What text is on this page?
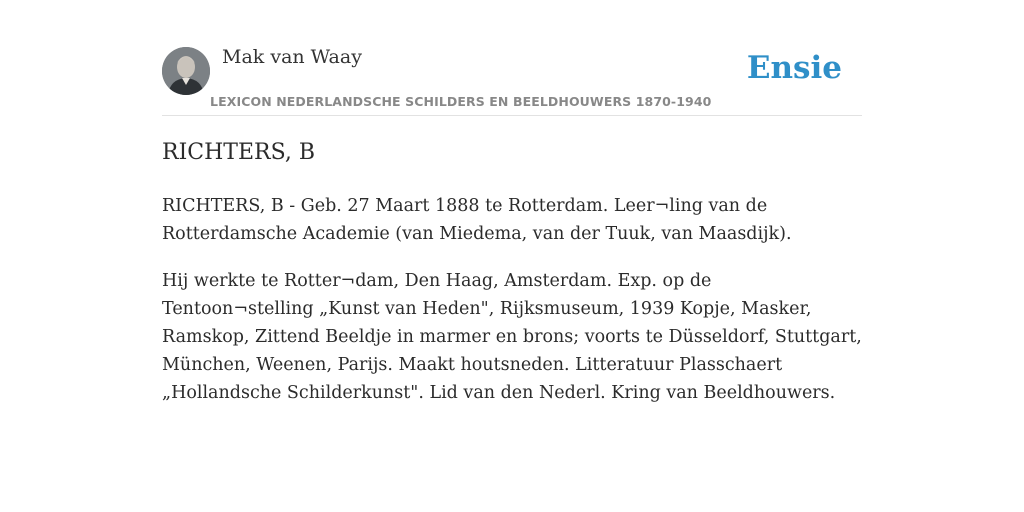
Mak van Waay
LEXICON NEDERLANDSCHE SCHILDERS EN BEELDHOUWERS 1870-1940
Ensie
RICHTERS, B

RICHTERS, B - Geb. 27 Maart 1888 te Rotterdam. Leer¬ling van de Rotterdamsche Academie (van Miedema, van der Tuuk, van Maasdijk).

Hij werkte te Rotter¬dam, Den Haag, Amsterdam. Exp. op de Tentoon¬stelling „Kunst van Heden", Rijksmuseum, 1939 Kopje, Masker, Ramskop, Zittend Beeldje in marmer en brons; voorts te Düsseldorf, Stuttgart, München, Weenen, Parijs. Maakt houtsneden. Litteratuur Plasschaert „Hollandsche Schilderkunst". Lid van den Nederl. Kring van Beeldhouwers.
